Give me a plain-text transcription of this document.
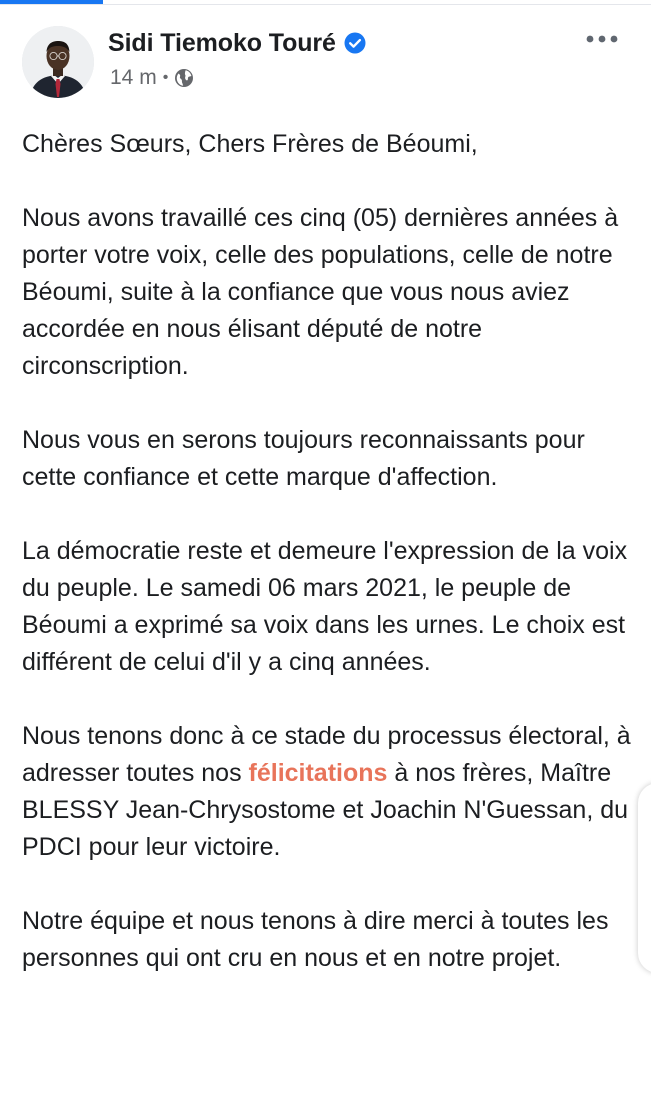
Sidi Tiemoko Touré
14 m •

Chères Sœurs, Chers Frères de Béoumi,

Nous avons travaillé ces cinq (05) dernières années à porter votre voix, celle des populations, celle de notre Béoumi, suite à la confiance que vous nous aviez accordée en nous élisant député de notre circonscription.

Nous vous en serons toujours reconnaissants pour cette confiance et cette marque d'affection.

La démocratie reste et demeure l'expression de la voix du peuple. Le samedi 06 mars 2021, le peuple de Béoumi a exprimé sa voix dans les urnes. Le choix est différent de celui d'il y a cinq années.

Nous tenons donc à ce stade du processus électoral, à adresser toutes nos félicitations à nos frères, Maître BLESSY Jean-Chrysostome et Joachin N'Guessan, du PDCI pour leur victoire.

Notre équipe et nous tenons à dire merci à toutes les personnes qui ont cru en nous et en notre projet.
